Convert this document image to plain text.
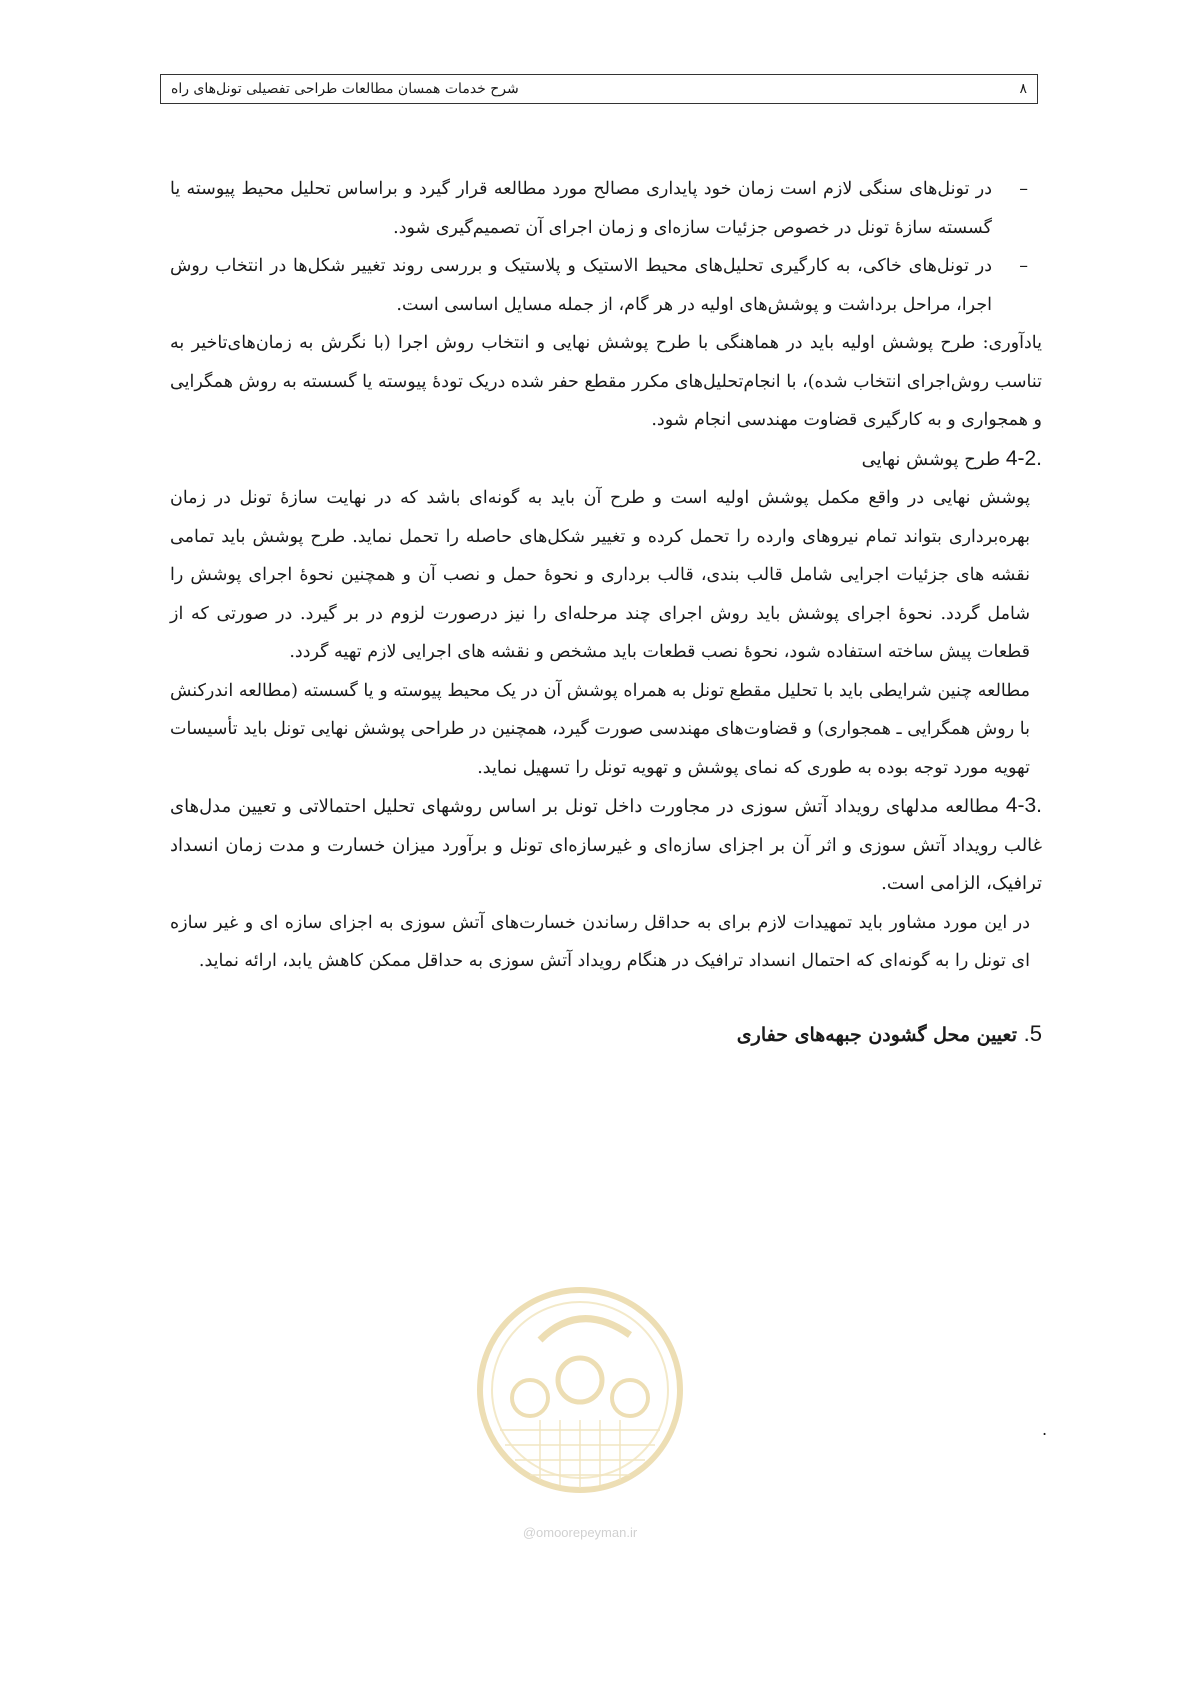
شرح خدمات همسان مطالعات طراحی تفصیلی تونل‌های راه	۸

–
در تونل‌های سنگی لازم است زمان خود پایداری مصالح مورد مطالعه قرار گیرد و براساس تحلیل محیط پیوسته یا گسسته سازهٔ تونل در خصوص جزئیات سازه‌ای و زمان اجرای آن تصمیم‌گیری شود.

–
در تونل‌های خاکی، به کارگیری تحلیل‌های محیط الاستیک و پلاستیک و بررسی روند تغییر شکل‌ها در انتخاب روش اجرا، مراحل برداشت و پوشش‌های اولیه در هر گام، از جمله مسایل اساسی است.

یادآوری: طرح پوشش اولیه باید در هماهنگی با طرح پوشش نهایی و انتخاب روش اجرا (با نگرش به زمان‌های‌تاخیر به تناسب روش‌اجرای انتخاب شده)، با انجام‌تحلیل‌های مکرر مقطع حفر شده دریک تودهٔ پیوسته یا گسسته به روش همگرایی و همجواری و به کارگیری قضاوت مهندسی انجام شود.

4-2. طرح پوشش نهایی

پوشش نهایی در واقع مکمل پوشش اولیه است و طرح آن باید به گونه‌ای باشد که در نهایت سازهٔ تونل در زمان بهره‌برداری بتواند تمام نیروهای وارده را تحمل کرده و تغییر شکل‌های حاصله را تحمل نماید. طرح پوشش باید تمامی نقشه های جزئیات اجرایی شامل قالب بندی، قالب برداری و نحوهٔ حمل و نصب آن و همچنین نحوهٔ اجرای پوشش را شامل گردد. نحوهٔ اجرای پوشش باید روش اجرای چند مرحله‌ای را نیز درصورت لزوم در بر گیرد. در صورتی که از قطعات پیش ساخته استفاده شود، نحوهٔ نصب قطعات باید مشخص و نقشه های اجرایی لازم تهیه گردد.

مطالعه چنین شرایطی باید با تحلیل مقطع تونل به همراه پوشش آن در یک محیط پیوسته و یا گسسته (مطالعه اندرکنش با روش همگرایی ـ همجواری) و قضاوت‌های مهندسی صورت گیرد، همچنین در طراحی پوشش نهایی تونل باید تأسیسات تهویه مورد توجه بوده به طوری که نمای پوشش و تهویه تونل را تسهیل نماید.

4-3. مطالعه مدلهای رویداد آتش سوزی در مجاورت داخل تونل بر اساس روشهای تحلیل احتمالاتی و تعیین مدل‌های غالب رویداد آتش سوزی و اثر آن بر اجزای سازه‌ای و غیرسازه‌ای تونل و برآورد میزان خسارت و مدت زمان انسداد ترافیک، الزامی است.

در این مورد مشاور باید تمهیدات لازم برای به حداقل رساندن خسارت‌های آتش سوزی به اجزای سازه ای و غیر سازه ای تونل را به گونه‌ای که احتمال انسداد ترافیک در هنگام رویداد آتش سوزی به حداقل ممکن کاهش یابد، ارائه نماید.

5. تعیین محل گشودن جبهه‌های حفاری

.
@omoorepeyman.ir
